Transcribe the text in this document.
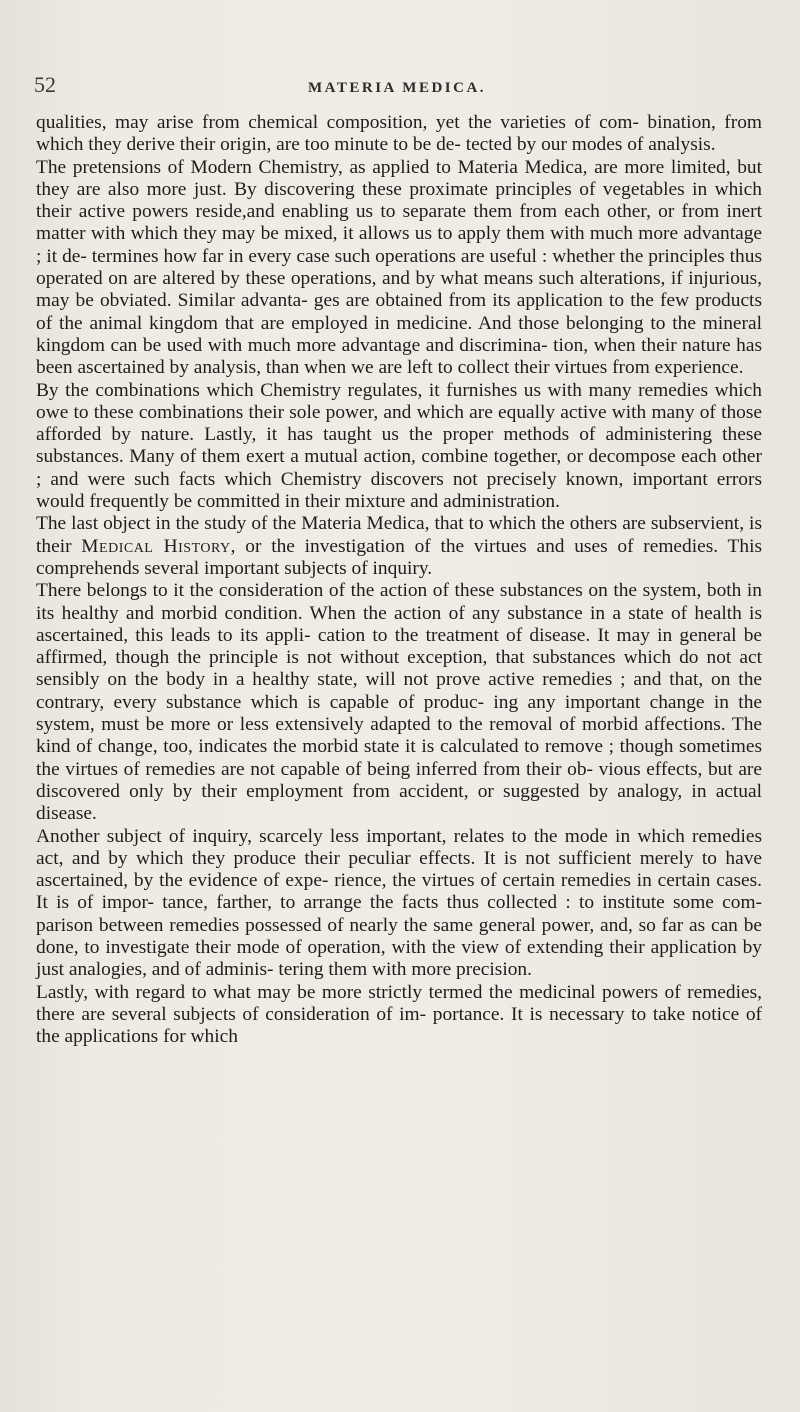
52	MATERIA MEDICA.

qualities, may arise from chemical composition, yet the varieties of com- bination, from which they derive their origin, are too minute to be de- tected by our modes of analysis.

The pretensions of Modern Chemistry, as applied to Materia Medica, are more limited, but they are also more just. By discovering these proximate principles of vegetables in which their active powers reside,and enabling us to separate them from each other, or from inert matter with which they may be mixed, it allows us to apply them with much more advantage ; it de- termines how far in every case such operations are useful : whether the principles thus operated on are altered by these operations, and by what means such alterations, if injurious, may be obviated. Similar advanta- ges are obtained from its application to the few products of the animal kingdom that are employed in medicine. And those belonging to the mineral kingdom can be used with much more advantage and discrimina- tion, when their nature has been ascertained by analysis, than when we are left to collect their virtues from experience.

By the combinations which Chemistry regulates, it furnishes us with many remedies which owe to these combinations their sole power, and which are equally active with many of those afforded by nature. Lastly, it has taught us the proper methods of administering these substances. Many of them exert a mutual action, combine together, or decompose each other ; and were such facts which Chemistry discovers not precisely known, important errors would frequently be committed in their mixture and administration.

The last object in the study of the Materia Medica, that to which the others are subservient, is their Medical History, or the investigation of the virtues and uses of remedies. This comprehends several important subjects of inquiry.

There belongs to it the consideration of the action of these substances on the system, both in its healthy and morbid condition. When the action of any substance in a state of health is ascertained, this leads to its appli- cation to the treatment of disease. It may in general be affirmed, though the principle is not without exception, that substances which do not act sensibly on the body in a healthy state, will not prove active remedies ; and that, on the contrary, every substance which is capable of produc- ing any important change in the system, must be more or less extensively adapted to the removal of morbid affections. The kind of change, too, indicates the morbid state it is calculated to remove ; though sometimes the virtues of remedies are not capable of being inferred from their ob- vious effects, but are discovered only by their employment from accident, or suggested by analogy, in actual disease.

Another subject of inquiry, scarcely less important, relates to the mode in which remedies act, and by which they produce their peculiar effects. It is not sufficient merely to have ascertained, by the evidence of expe- rience, the virtues of certain remedies in certain cases. It is of impor- tance, farther, to arrange the facts thus collected : to institute some com- parison between remedies possessed of nearly the same general power, and, so far as can be done, to investigate their mode of operation, with the view of extending their application by just analogies, and of adminis- tering them with more precision.

Lastly, with regard to what may be more strictly termed the medicinal powers of remedies, there are several subjects of consideration of im- portance. It is necessary to take notice of the applications for which
